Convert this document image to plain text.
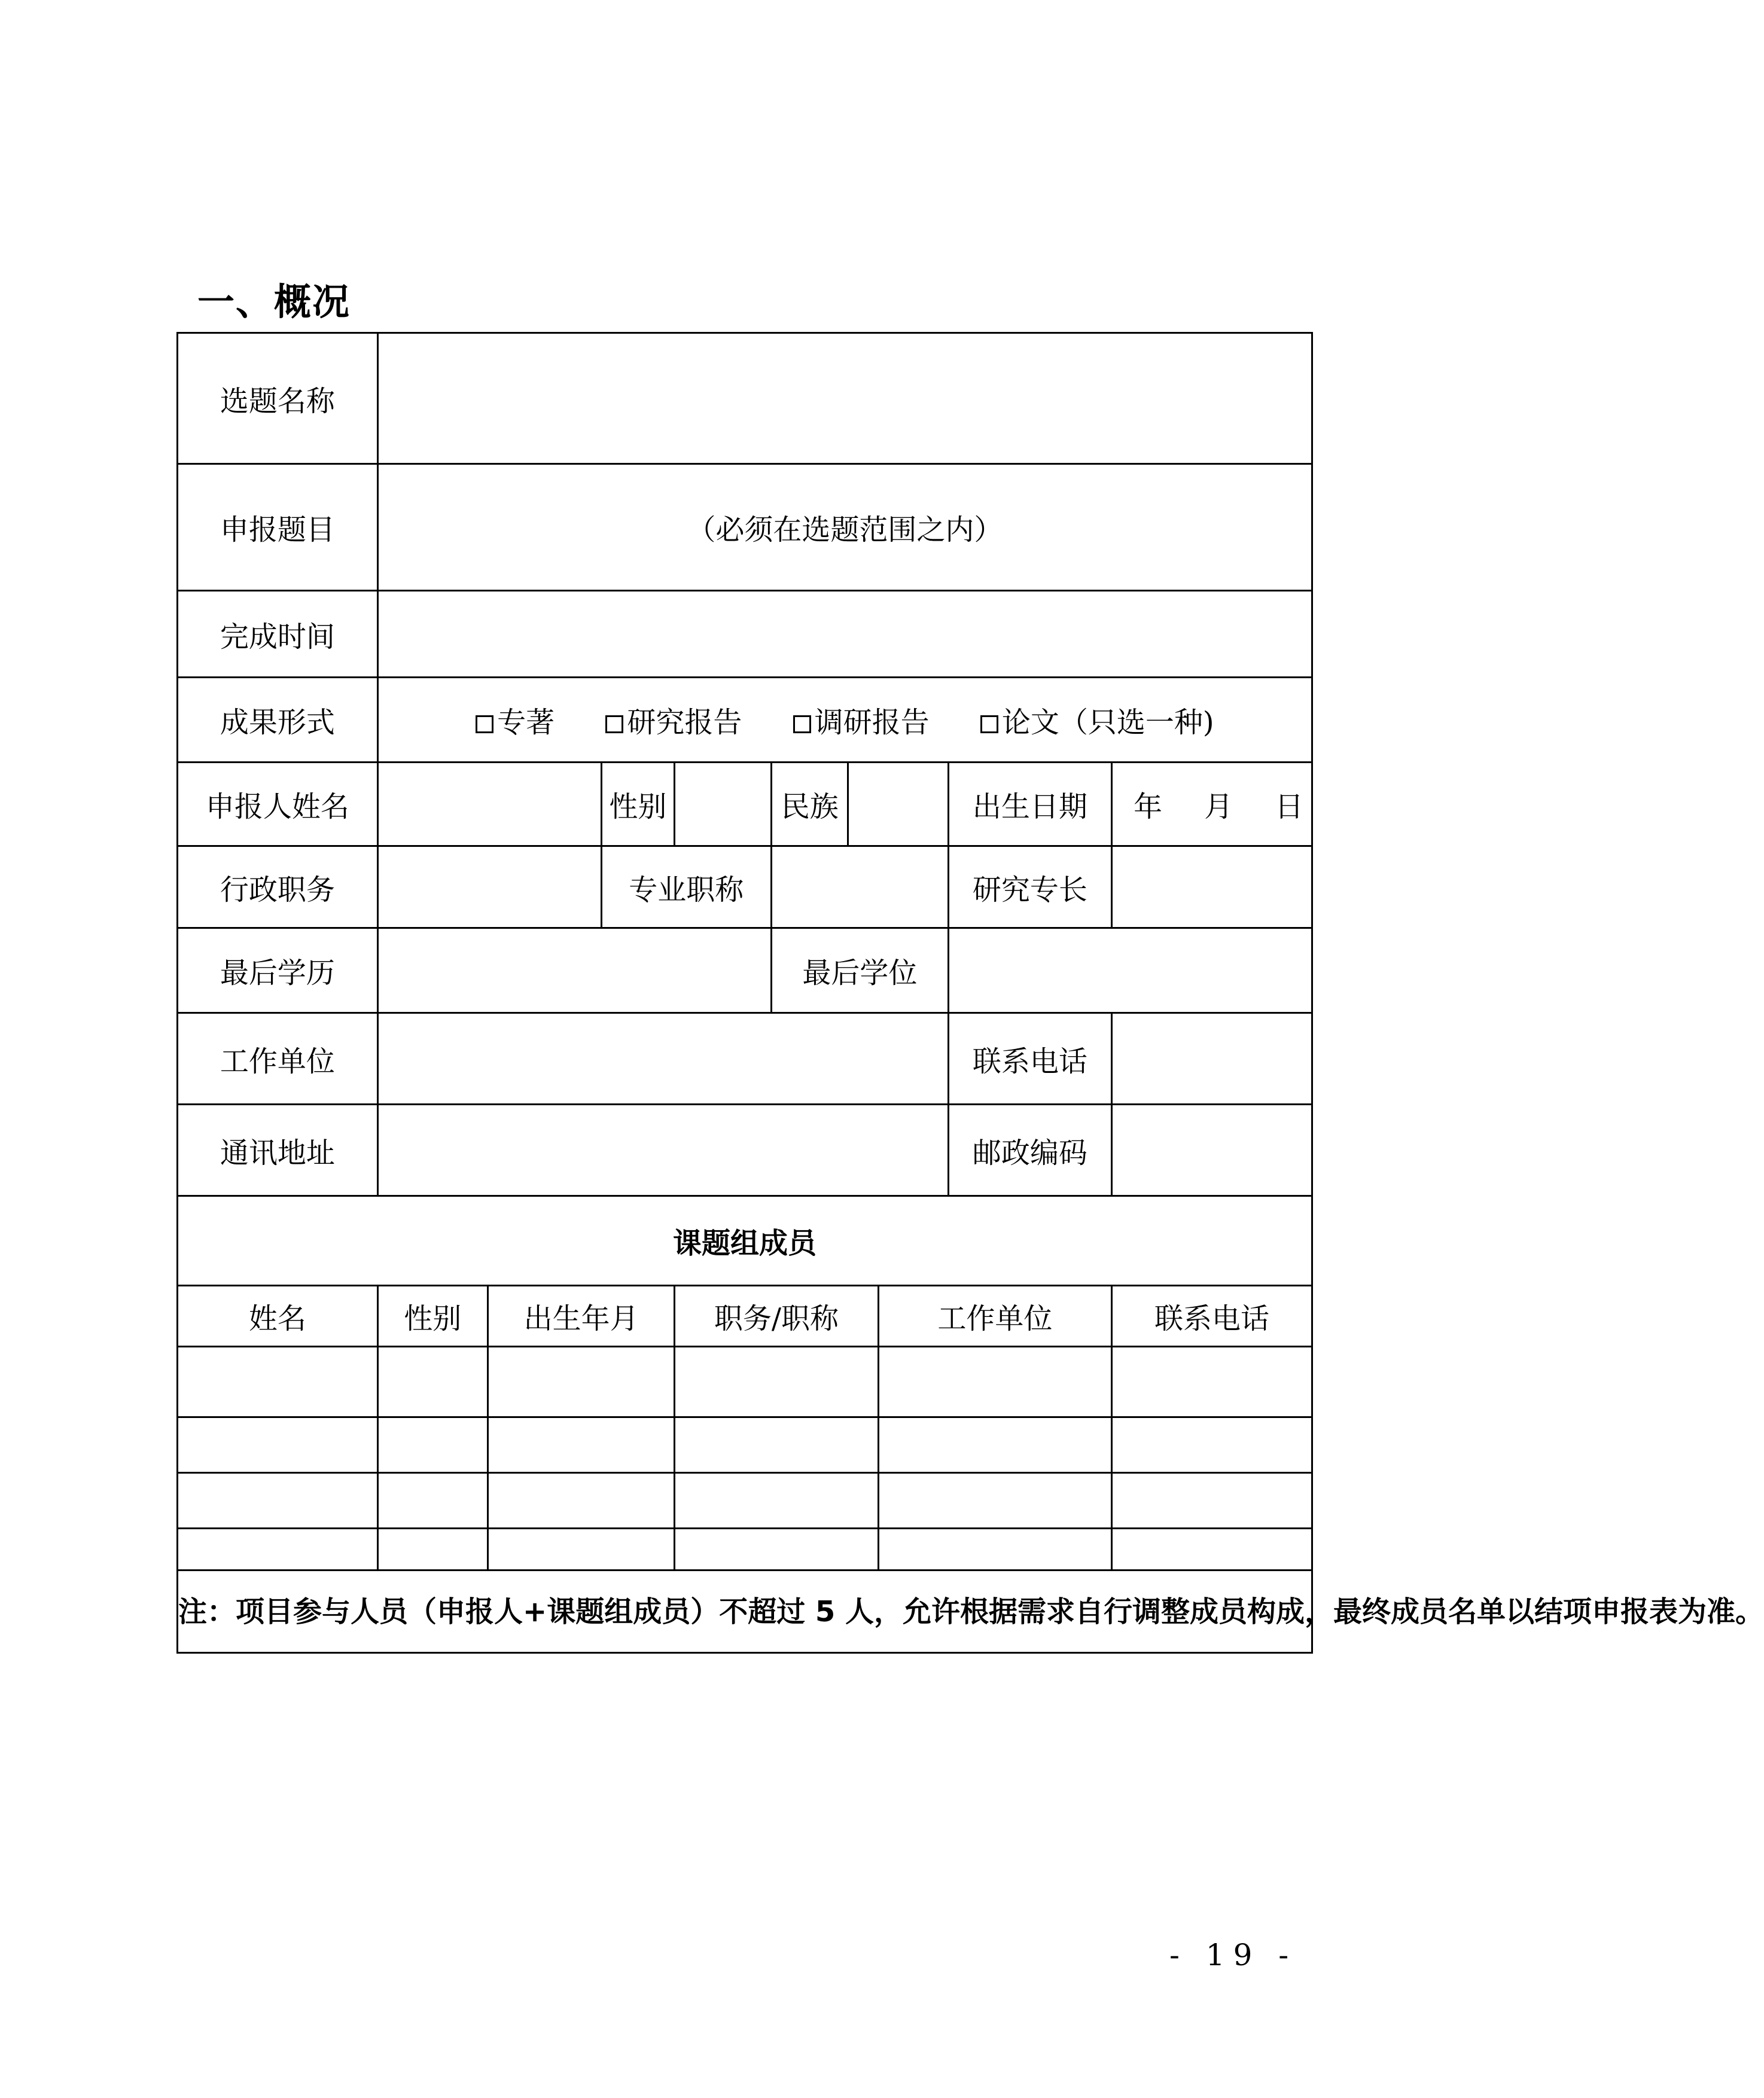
一、概况
选题名称									
申报题目	（必须在选题范围之内）								
完成时间									
成果形式	专著 研究报告 调研报告 论文（只选一种)								
申报人姓名			性别		民族			出生日期	年 月 日
行政职务			专业职称					研究专长	
最后学历					最后学位				
工作单位								联系电话	
通讯地址								邮政编码	
课题组成员									
姓名	性别	出生年月		职务/职称			工作单位		联系电话

注：项目参与人员（申报人+课题组成员）不超过 5 人，允许根据需求自行调整成员构成，最终成员名单以结项申报表为准。									
- 19 -
